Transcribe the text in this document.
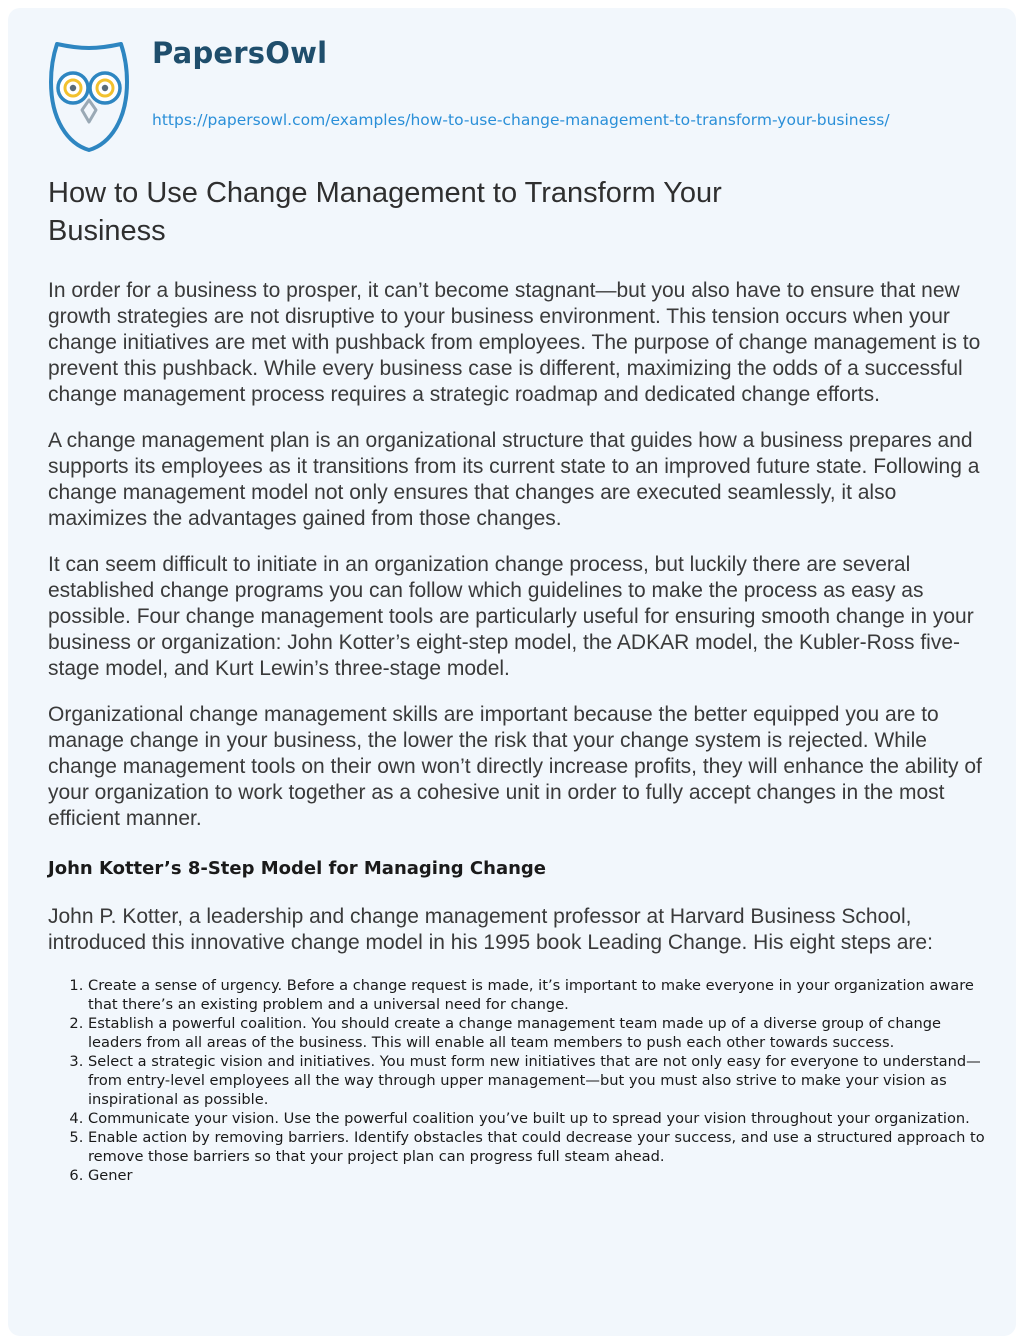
PapersOwl
https://papersowl.com/examples/how-to-use-change-management-to-transform-your-business/
How to Use Change Management to Transform Your Business

In order for a business to prosper, it can’t become stagnant—but you also have to ensure that new growth strategies are not disruptive to your business environment. This tension occurs when your change initiatives are met with pushback from employees. The purpose of change management is to prevent this pushback. While every business case is different, maximizing the odds of a successful change management process requires a strategic roadmap and dedicated change efforts.

A change management plan is an organizational structure that guides how a business prepares and supports its employees as it transitions from its current state to an improved future state. Following a change management model not only ensures that changes are executed seamlessly, it also maximizes the advantages gained from those changes.

It can seem difficult to initiate in an organization change process, but luckily there are several established change programs you can follow which guidelines to make the process as easy as possible. Four change management tools are particularly useful for ensuring smooth change in your business or organization: John Kotter’s eight-step model, the ADKAR model, the Kubler-Ross five-stage model, and Kurt Lewin’s three-stage model.

Organizational change management skills are important because the better equipped you are to manage change in your business, the lower the risk that your change system is rejected. While change management tools on their own won’t directly increase profits, they will enhance the ability of your organization to work together as a cohesive unit in order to fully accept changes in the most efficient manner.

John Kotter’s 8-Step Model for Managing Change

John P. Kotter, a leadership and change management professor at Harvard Business School, introduced this innovative change model in his 1995 book Leading Change. His eight steps are:

1. Create a sense of urgency. Before a change request is made, it’s important to make everyone in your organization aware that there’s an existing problem and a universal need for change.
2. Establish a powerful coalition. You should create a change management team made up of a diverse group of change leaders from all areas of the business. This will enable all team members to push each other towards success.
3. Select a strategic vision and initiatives. You must form new initiatives that are not only easy for everyone to understand—from entry-level employees all the way through upper management—but you must also strive to make your vision as inspirational as possible.
4. Communicate your vision. Use the powerful coalition you’ve built up to spread your vision throughout your organization.
5. Enable action by removing barriers. Identify obstacles that could decrease your success, and use a structured approach to remove those barriers so that your project plan can progress full steam ahead.
6. Gener
